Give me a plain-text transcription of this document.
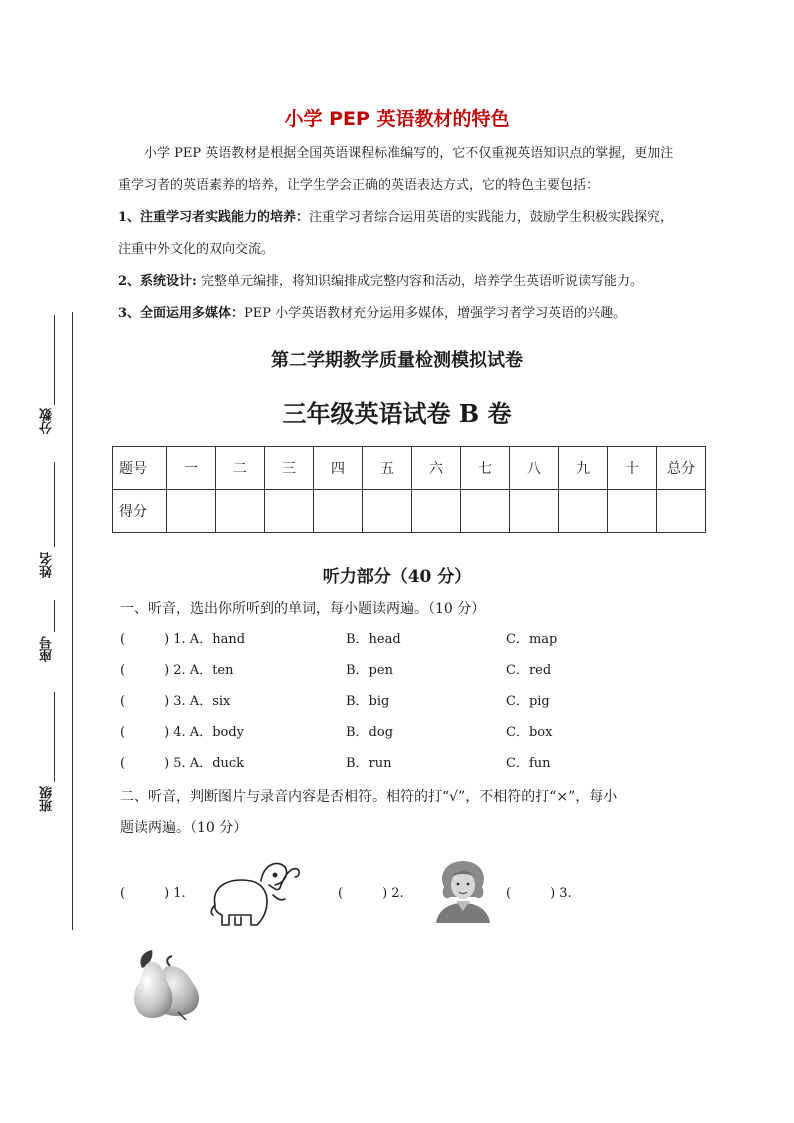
小学 PEP 英语教材的特色
小学 PEP 英语教材是根据全国英语课程标准编写的，它不仅重视英语知识点的掌握，更加注重学习者的英语素养的培养，让学生学会正确的英语表达方式，它的特色主要包括：
1、注重学习者实践能力的培养：注重学习者综合运用英语的实践能力，鼓励学生积极实践探究，注重中外文化的双向交流。
2、系统设计: 完整单元编排，将知识编排成完整内容和活动，培养学生英语听说读写能力。
3、全面运用多媒体：PEP 小学英语教材充分运用多媒体，增强学习者学习英语的兴趣。
第二学期教学质量检测模拟试卷
三年级英语试卷 B 卷
分数
姓名
座号
班级
题号	一	二	三	四	五	六	七	八	九	十	总分
得分											
听力部分（40 分）
一、听音，选出你所听到的单词，每小题读两遍。（10 分）
(　　　) 1. A．hand	B．head	C．map
(　　　) 2. A．ten	B．pen	C．red
(　　　) 3. A．six	B．big	C．pig
(　　　) 4. A．body	B．dog	C．box
(　　　) 5. A．duck	B．run	C．fun
二、听音，判断图片与录音内容是否相符。相符的打“√”，不相符的打“×”，每小
题读两遍。（10 分）
(　　　) 1.	(　　　) 2.	(　　　) 3.
